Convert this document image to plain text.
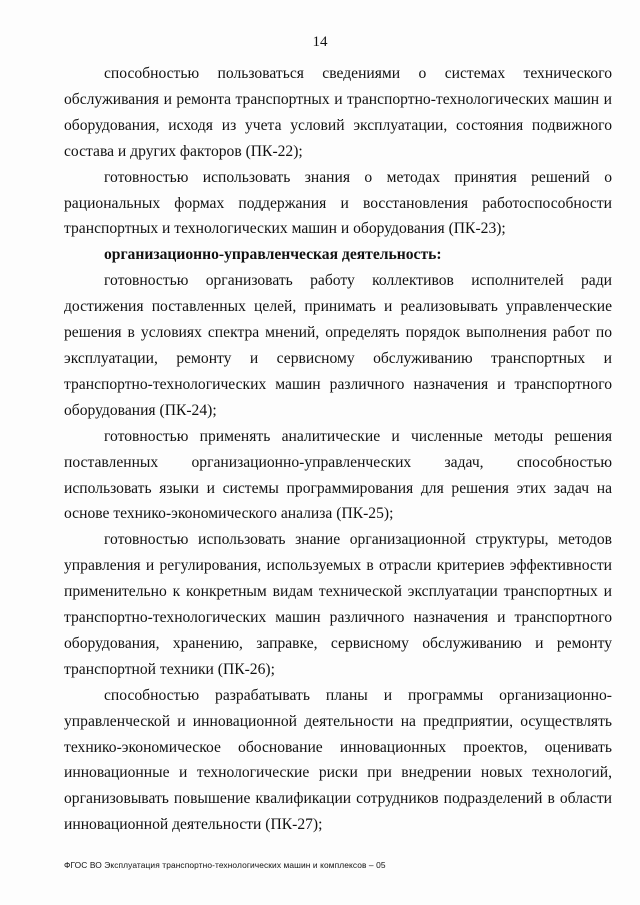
14

способностью пользоваться сведениями о системах технического обслуживания и ремонта транспортных и транспортно-технологических машин и оборудования, исходя из учета условий эксплуатации, состояния подвижного состава и других факторов (ПК-22);

готовностью использовать знания о методах принятия решений о рациональных формах поддержания и восстановления работоспособности транспортных и технологических машин и оборудования (ПК-23);

организационно-управленческая деятельность:

готовностью организовать работу коллективов исполнителей ради достижения поставленных целей, принимать и реализовывать управленческие решения в условиях спектра мнений, определять порядок выполнения работ по эксплуатации, ремонту и сервисному обслуживанию транспортных и транспортно-технологических машин различного назначения и транспортного оборудования (ПК-24);

готовностью применять аналитические и численные методы решения поставленных организационно-управленческих задач, способностью использовать языки и системы программирования для решения этих задач на основе технико-экономического анализа (ПК-25);

готовностью использовать знание организационной структуры, методов управления и регулирования, используемых в отрасли критериев эффективности применительно к конкретным видам технической эксплуатации транспортных и транспортно-технологических машин различного назначения и транспортного оборудования, хранению, заправке, сервисному обслуживанию и ремонту транспортной техники (ПК-26);

способностью разрабатывать планы и программы организационно-управленческой и инновационной деятельности на предприятии, осуществлять технико-экономическое обоснование инновационных проектов, оценивать инновационные и технологические риски при внедрении новых технологий, организовывать повышение квалификации сотрудников подразделений в области инновационной деятельности (ПК-27);

ФГОС ВО Эксплуатация транспортно-технологических машин и комплексов – 05
